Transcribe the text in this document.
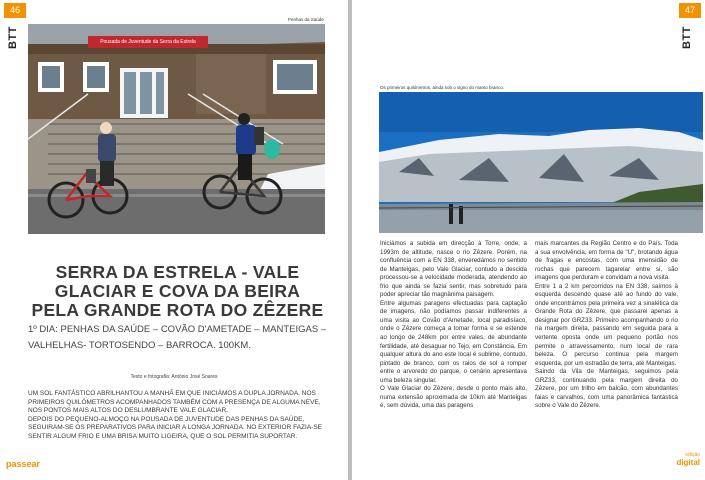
46
BTT
Penhas da Saúde
Pousada de Juventude da Serra da Estrela
SERRA DA ESTRELA - VALE GLACIAR E COVA DA BEIRA PELA GRANDE ROTA DO ZÊZERE

1º DIA: PENHAS DA SAÚDE – COVÃO D'AMETADE – MANTEIGAS – VALHELHAS- TORTOSENDO – BARROCA. 100KM.

Texto e fotografia: António José Soares

UM SOL FANTÁSTICO ABRILHANTOU A MANHÃ EM QUE INICIÁMOS A DUPLA JORNADA. NOS PRIMEIROS QUILÓMETROS ACOMPANHADOS TAMBÉM COM A PRESENÇA DE ALGUMA NEVE, NOS PONTOS MAIS ALTOS DO DESLUMBRANTE VALE GLACIAR.

DEPOIS DO PEQUENO-ALMOÇO NA POUSADA DE JUVENTUDE DAS PENHAS DA SAÚDE, SEGUIRAM-SE OS PREPARATIVOS PARA INICIAR A LONGA JORNADA. NO EXTERIOR FAZIA-SE SENTIR ALGUM FRIO E UMA BRISA MUITO LIGEIRA, QUE O SOL PERMITIA SUPORTAR.

passear
47
BTT
Os primeiros quilómetros, ainda sob o signo do manto branco.

Iniciámos a subida em direcção à Torre, onde, a 1993m de altitude, nasce o rio Zêzere. Porém, na confluência com a EN 338, enveredámos no sentido de Manteigas, pelo Vale Glaciar, contudo a descida processou-se a velocidade moderada, atendendo ao frio que ainda se fazia sentir, mas sobretudo para poder apreciar tão magnânima paisagem.

Entre algumas paragens efectuadas para captação de imagens, não podíamos passar indiferentes a uma visita ao Covão d'Ametade, local paradisíaco, onde o Zêzere começa a tomar forma e se estende ao longo de 248km por entre vales, de abundante fertilidade, até desaguar no Tejo, em Constância. Em qualquer altura do ano este local é sublime, contudo, pintado de branco, com os raios de sol a romper entre o arvoredo do parque, o cenário apresentava uma beleza singular.

O Vale Glaciar do Zêzere, desde o ponto mais alto, numa extensão aproximada de 10km até Manteigas é, sem dúvida, uma das paragens

mais marcantes da Região Centro e do País. Toda a sua envolvência, em forma de "U", brotando água de fragas e encostas, com uma imensidão de rochas que parecem tagarelar entre si, são imagens que perduram e convidam a nova visita.

Entre 1 a 2 km percorridos na EN 338, saímos à esquerda descendo quase até ao fundo do vale, onde encontrámos pela primeira vez a sinalética da Grande Rota do Zêzere, que passarei apenas a designar por GRZ33. Primeiro acompanhando o rio na margem direita, passando em seguida para a vertente oposta onde um pequeno portão nos permite o atravessamento, num local de rara beleza. O percurso continua pela margem esquerda, por um estradão de terra, até Manteigas.

Saindo da Vila de Manteigas, seguimos pela GRZ33, continuando pela margem direita do Zêzere, por um trilho em balcão, com abundantes faias e carvalhos, com uma panorâmica fantástica sobre o Vale do Zêzere.

edição
digital
